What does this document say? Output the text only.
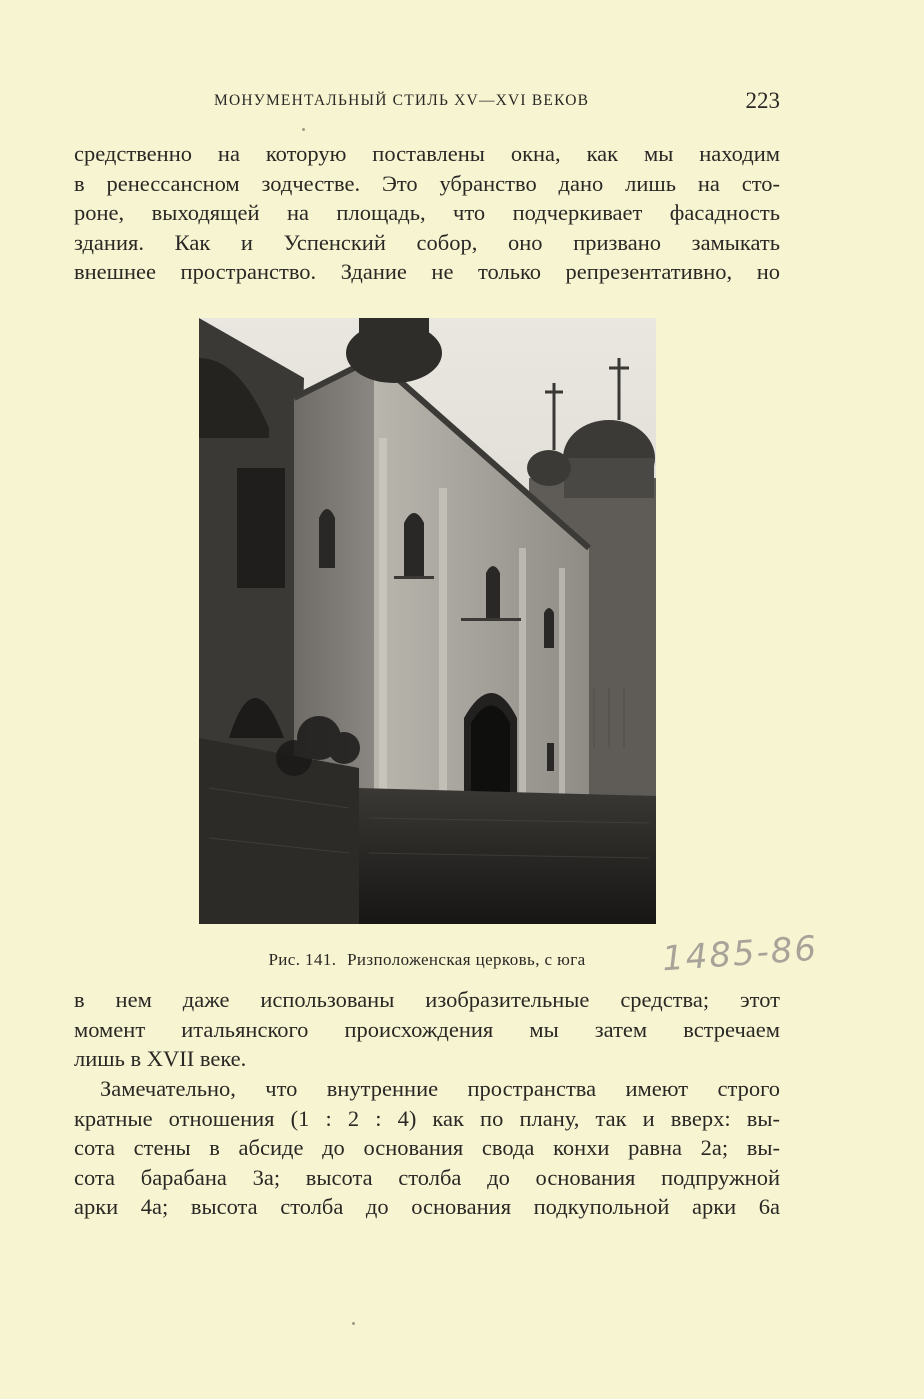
МОНУМЕНТАЛЬНЫЙ СТИЛЬ XV—XVI ВЕКОВ	223

средственно на которую поставлены окна, как мы находим
в ренессансном зодчестве. Это убранство дано лишь на сто-
роне, выходящей на площадь, что подчеркивает фасадность
здания. Как и Успенский собор, оно призвано замыкать
внешнее пространство. Здание не только репрезентативно, но

Рис. 141. Ризположенская церковь, с юга	1485-86

в нем даже использованы изобразительные средства; этот
момент итальянского происхождения мы затем встречаем
лишь в XVII веке.

Замечательно, что внутренние пространства имеют строго
кратные отношения (1 : 2 : 4) как по плану, так и вверх: вы-
сота стены в абсиде до основания свода конхи равна 2а; вы-
сота барабана 3а; высота столба до основания подпружной
арки 4а; высота столба до основания подкупольной арки 6а
